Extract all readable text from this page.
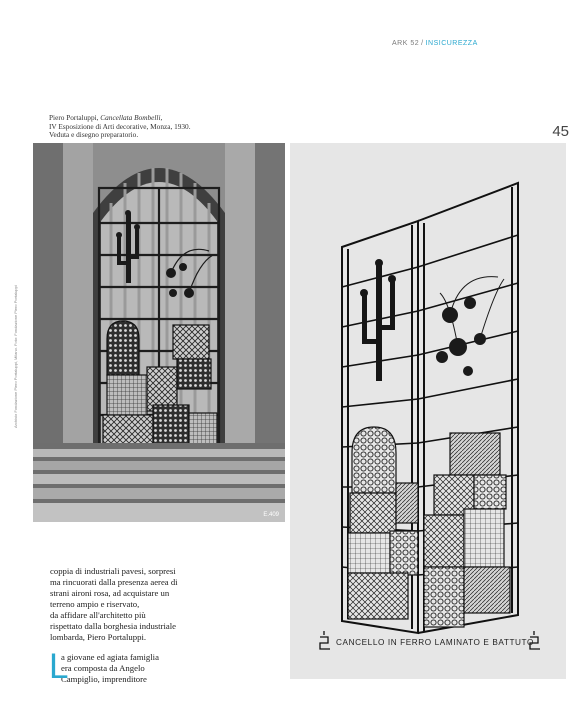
ARK 52 / INSICUREZZA
45
Piero Portaluppi, Cancellata Bombelli,
IV Esposizione di Arti decorative, Monza, 1930.
Veduta e disegno preparatorio.
Archivio Fondazione Piero Portaluppi, Milano. Foto: Fondazione Piero Portaluppi
E.409
CANCELLO IN FERRO LAMINATO E BATTUTO

coppia di industriali pavesi, sorpresi
ma rincuorati dalla presenza aerea di
strani aironi rosa, ad acquistare un
terreno ampio e riservato,
da affidare all'architetto più
rispettato dalla borghesia industriale
lombarda, Piero Portaluppi.

L
a giovane ed agiata famiglia
era composta da Angelo
Campiglio, imprenditore
